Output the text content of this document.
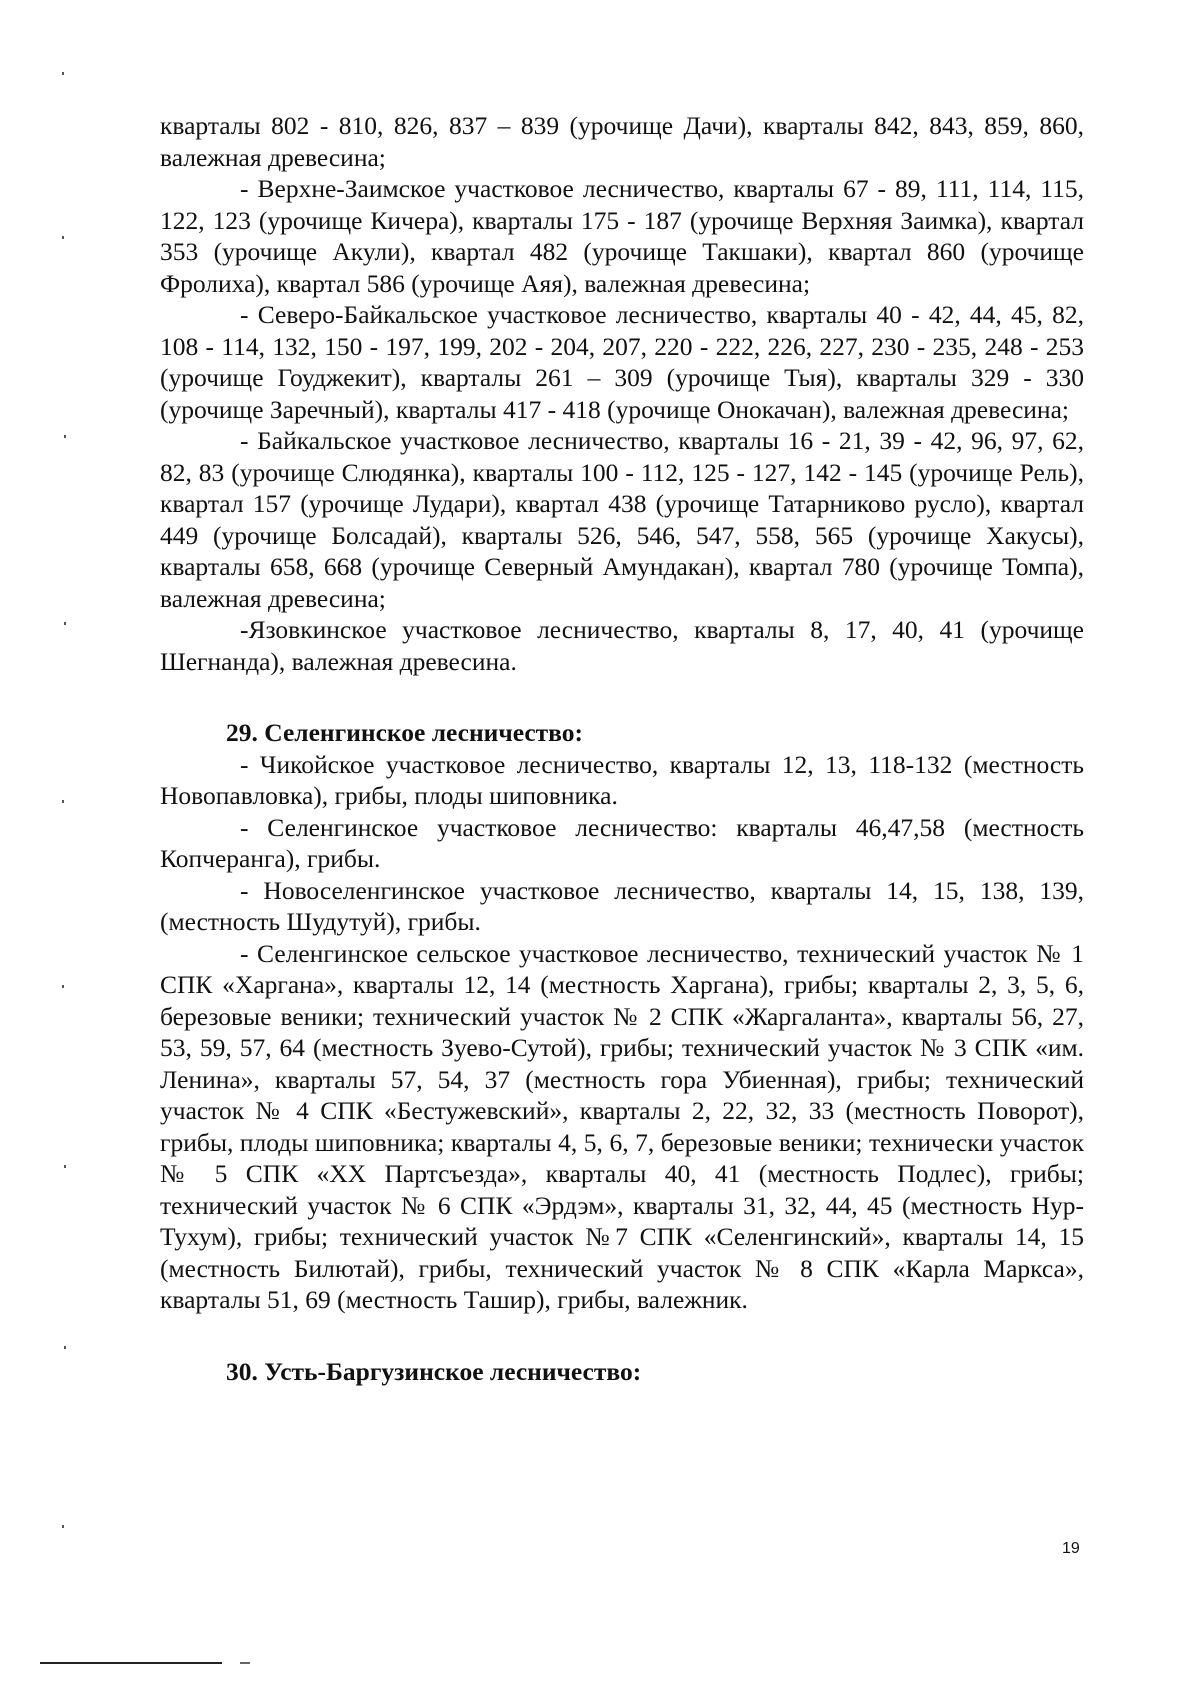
кварталы 802 - 810, 826, 837 – 839 (урочище Дачи), кварталы 842, 843, 859, 860, валежная древесина;

- Верхне-Заимское участковое лесничество, кварталы 67 - 89, 111, 114, 115, 122, 123 (урочище Кичера), кварталы 175 - 187 (урочище Верхняя Заимка), квартал 353 (урочище Акули), квартал 482 (урочище Такшаки), квартал 860 (урочище Фролиха), квартал 586 (урочище Аяя), валежная древесина;

- Северо-Байкальское участковое лесничество, кварталы 40 - 42, 44, 45, 82, 108 - 114, 132, 150 - 197, 199, 202 - 204, 207, 220 - 222, 226, 227, 230 - 235, 248 - 253 (урочище Гоуджекит), кварталы 261 – 309 (урочище Тыя), кварталы 329 - 330 (урочище Заречный), кварталы 417 - 418 (урочище Онокачан), валежная древесина;

- Байкальское участковое лесничество, кварталы 16 - 21, 39 - 42, 96, 97, 62, 82, 83 (урочище Слюдянка), кварталы 100 - 112, 125 - 127, 142 - 145 (урочище Рель), квартал 157 (урочище Лудари), квартал 438 (урочище Татарниково русло), квартал 449 (урочище Болсадай), кварталы 526, 546, 547, 558, 565 (урочище Хакусы), кварталы 658, 668 (урочище Северный Амундакан), квартал 780 (урочище Томпа), валежная древесина;

-Язовкинское участковое лесничество, кварталы 8, 17, 40, 41 (урочище Шегнанда), валежная древесина.

29. Селенгинское лесничество:

- Чикойское участковое лесничество, кварталы 12, 13, 118-132 (местность Новопавловка), грибы, плоды шиповника.

- Селенгинское участковое лесничество: кварталы 46,47,58 (местность Копчеранга), грибы.

- Новоселенгинское участковое лесничество, кварталы 14, 15, 138, 139, (местность Шудутуй), грибы.

- Селенгинское сельское участковое лесничество, технический участок № 1 СПК «Харгана», кварталы 12, 14 (местность Харгана), грибы; кварталы 2, 3, 5, 6, березовые веники; технический участок № 2 СПК «Жаргаланта», кварталы 56, 27, 53, 59, 57, 64 (местность Зуево-Сутой), грибы; технический участок № 3 СПК «им. Ленина», кварталы 57, 54, 37 (местность гора Убиенная), грибы; технический участок № 4 СПК «Бестужевский», кварталы 2, 22, 32, 33 (местность Поворот), грибы, плоды шиповника; кварталы 4, 5, 6, 7, березовые веники; технически участок № 5 СПК «XX Партсъезда», кварталы 40, 41 (местность Подлес), грибы; технический участок № 6 СПК «Эрдэм», кварталы 31, 32, 44, 45 (местность Нур-Тухум), грибы; технический участок №7 СПК «Селенгинский», кварталы 14, 15 (местность Билютай), грибы, технический участок № 8 СПК «Карла Маркса», кварталы 51, 69 (местность Ташир), грибы, валежник.

30. Усть-Баргузинское лесничество:
19
